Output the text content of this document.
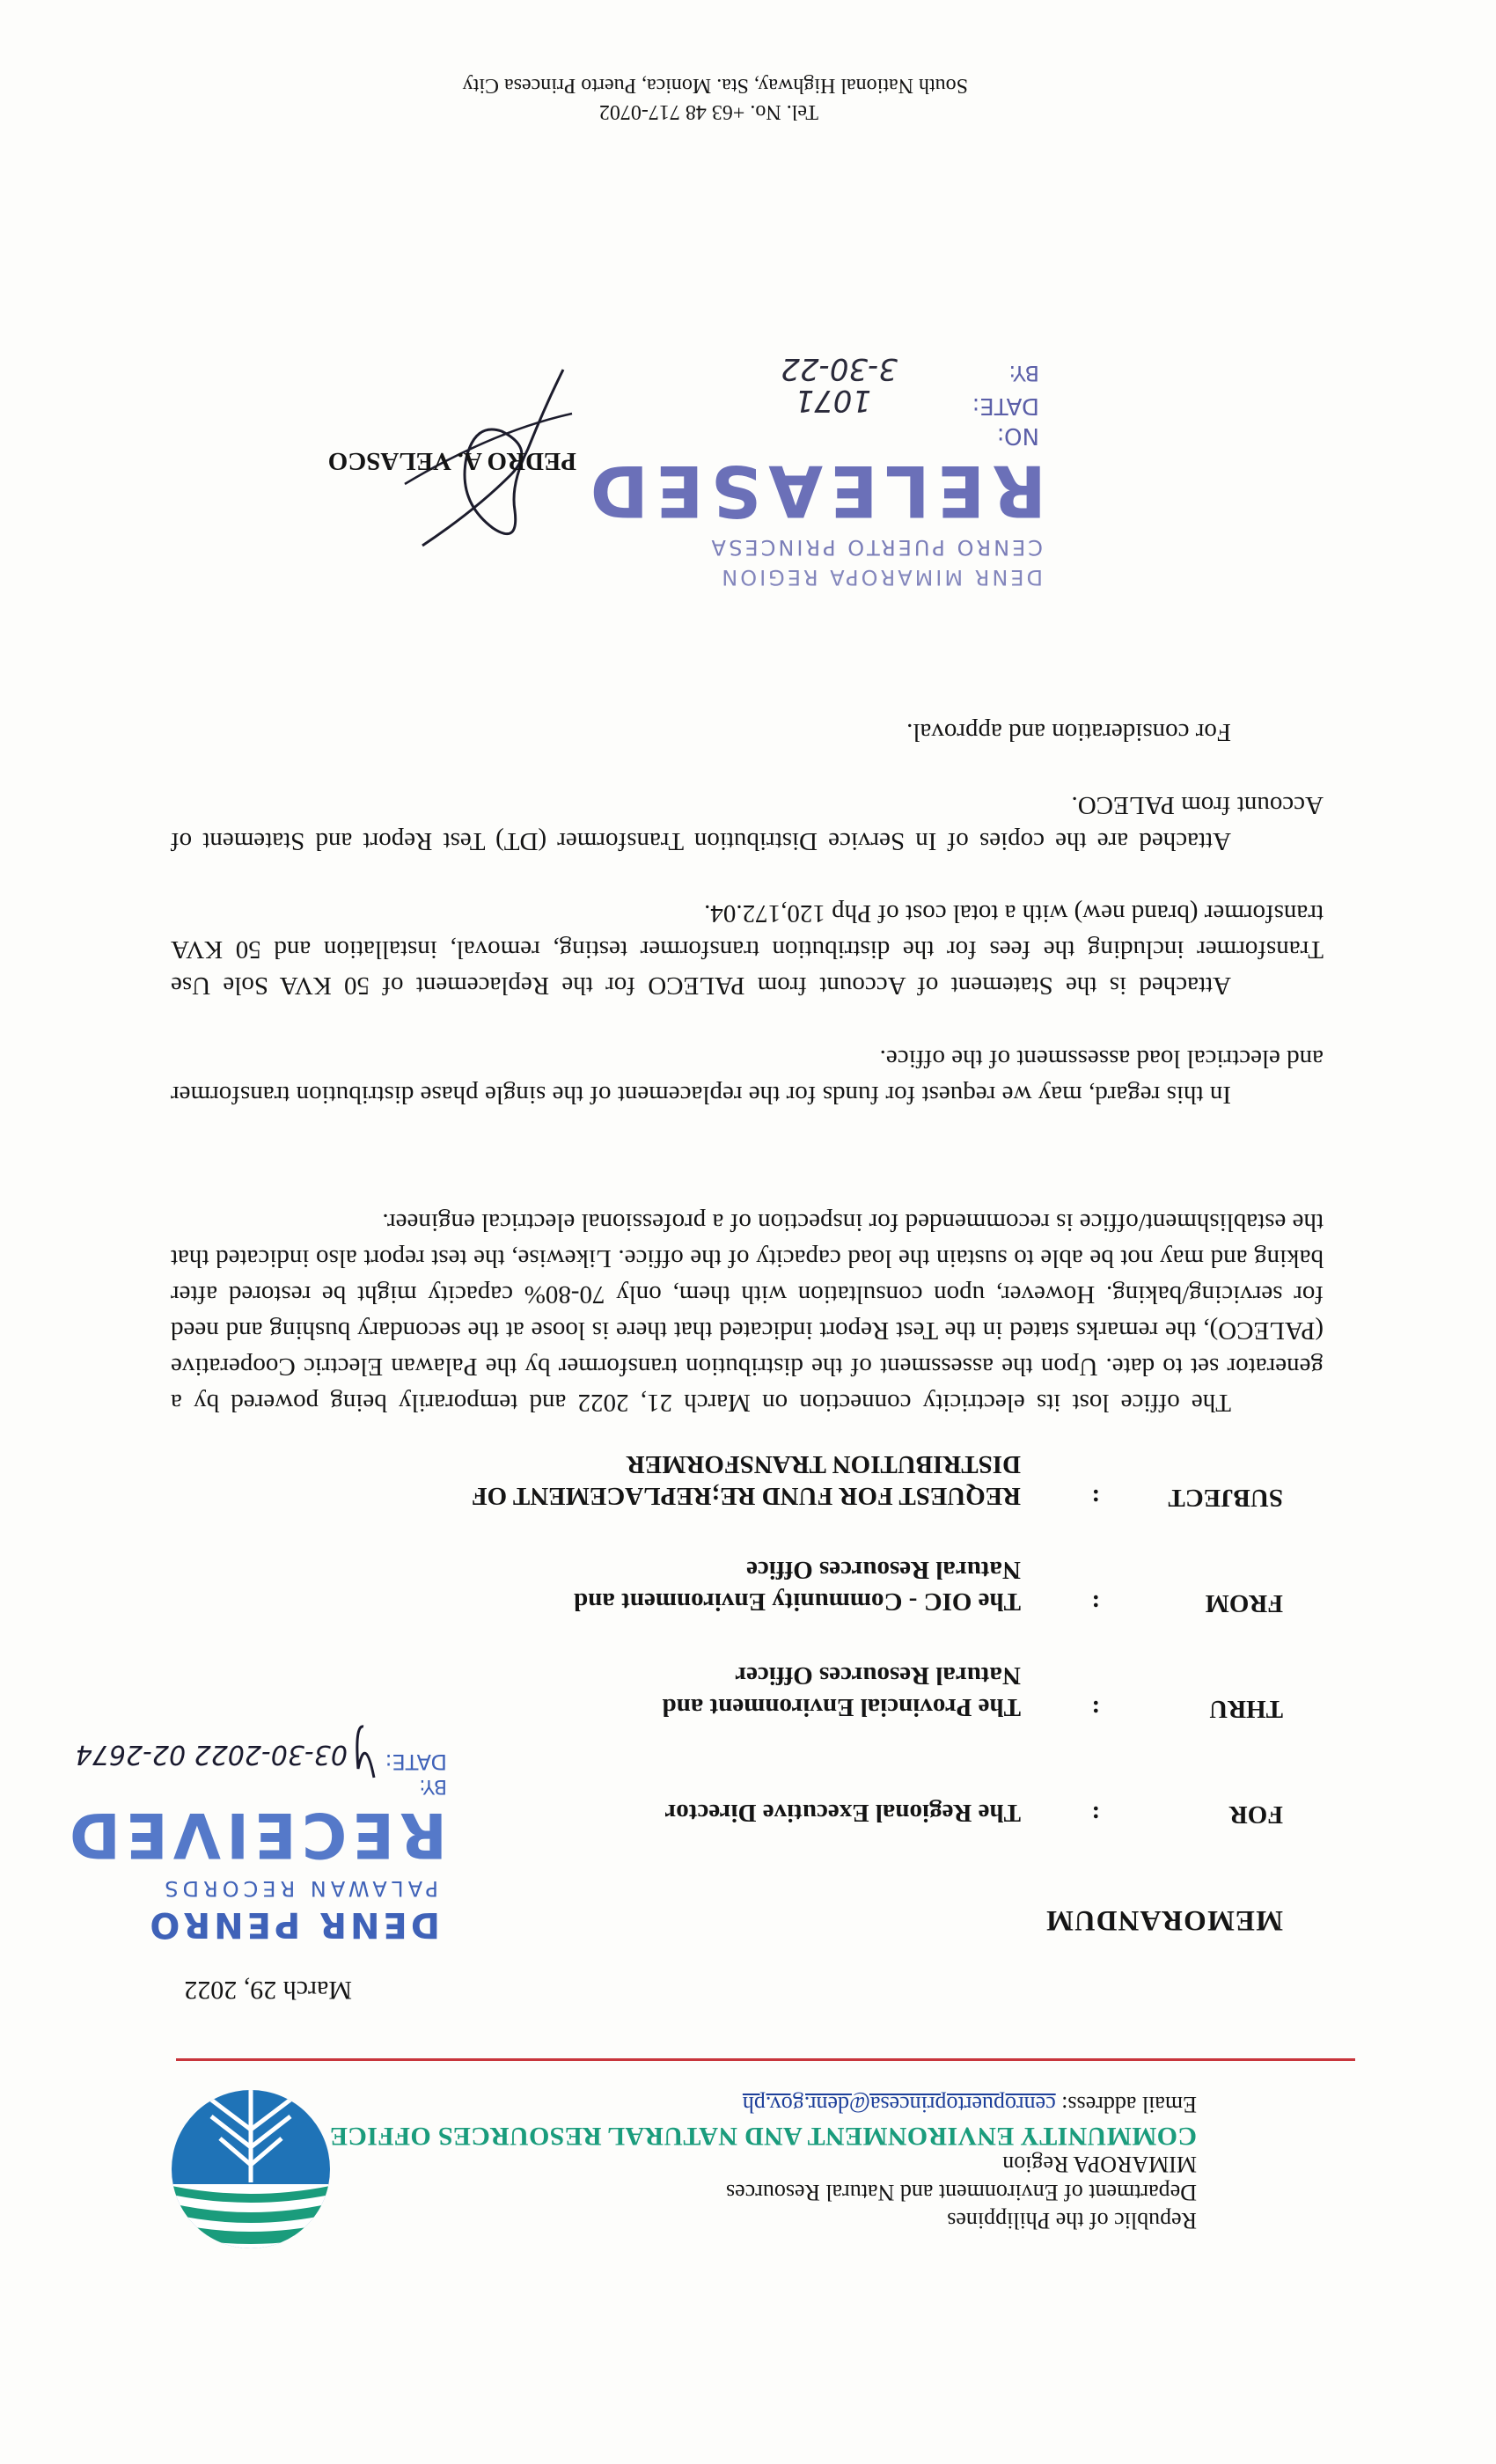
Republic of the Philippines
Department of Environment and Natural Resources
MIMAROPA Region
COMMUNITY ENVIRONMENT AND NATURAL RESOURCES OFFICE
Email address: cenropuertoprincesa@denr.gov.ph
March 29, 2022
MEMORANDUM
DENR PENRO
PALAWAN RECORDS
RECEIVED
BY:
DATE:
03-30-2022 02-2674
FOR
:
The Regional Executive Director
THRU
:
The Provincial Environment and Natural Resources Officer
FROM
:
The OIC - Community Environment and Natural Resources Office
SUBJECT
:
REQUEST FOR FUND RE;REPLACEMENT OF DISTRIBUTION TRANSFORMER

The office lost its electricity connection on March 21, 2022 and temporarily being powered by a generator set to date. Upon the assessment of the distribution transformer by the Palawan Electric Cooperative (PALECO), the remarks stated in the Test Report indicated that there is loose at the secondary bushing and need for servicing/baking. However, upon consultation with them, only 70-80% capacity might be restored after baking and may not be able to sustain the load capacity of the office. Likewise, the test report also indicated that the establishment/office is recommended for inspection of a professional electrical engineer.

In this regard, may we request for funds for the replacement of the single phase distribution transformer and electrical load assessment of the office.

Attached is the Statement of Account from PALECO for the Replacement of 50 KVA Sole Use Transformer including the fees for the distribution transformer testing, removal, installation and 50 KVA transformer (brand new) with a total cost of Php 120,172.04.

Attached are the copies of In Service Distribution Transformer (DT) Test Report and Statement of Account from PALECO.

For consideration and approval.

DENR MIMAROPA REGION
CENRO PUERTO PRINCESA
RELEASED
NO:
DATE:
BY:
1071
3-30-22
PEDRO A. VELASCO
Tel. No. +63 48 717-0702
South National Highway, Sta. Monica, Puerto Princesa City
